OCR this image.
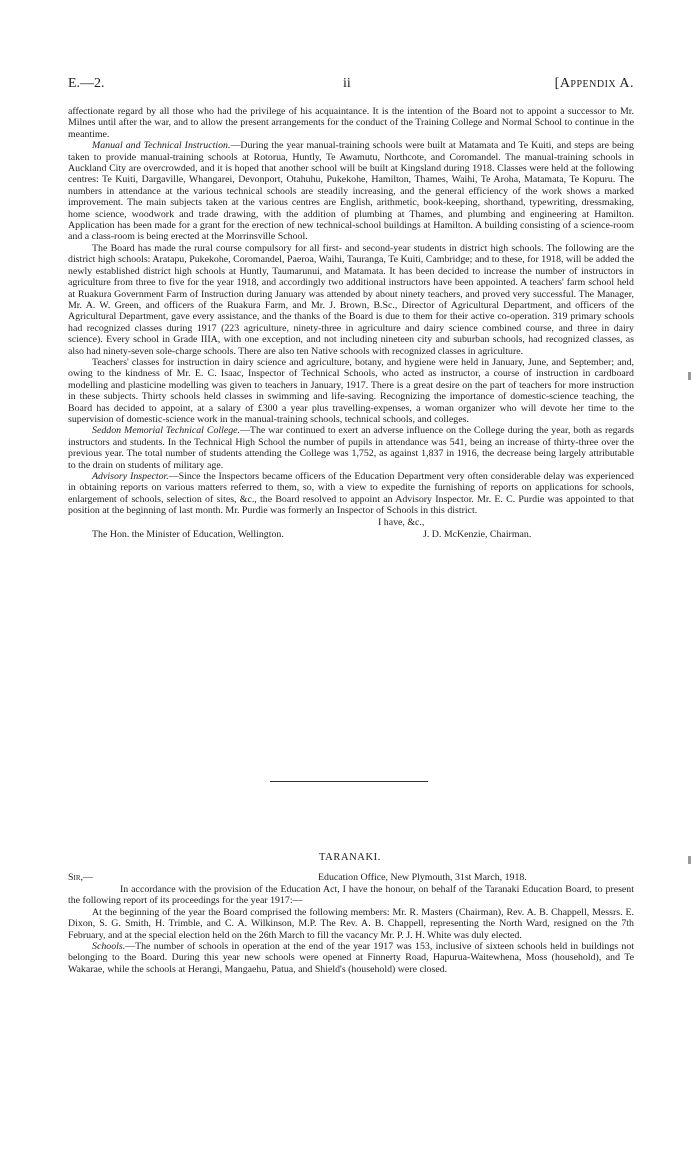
E.—2.	ii	[Appendix A.

affectionate regard by all those who had the privilege of his acquaintance. It is the intention of the Board not to appoint a successor to Mr. Milnes until after the war, and to allow the present arrangements for the conduct of the Training College and Normal School to continue in the meantime.

Manual and Technical Instruction.—During the year manual-training schools were built at Matamata and Te Kuiti, and steps are being taken to provide manual-training schools at Rotorua, Huntly, Te Awamutu, Northcote, and Coromandel. The manual-training schools in Auckland City are overcrowded, and it is hoped that another school will be built at Kingsland during 1918. Classes were held at the following centres: Te Kuiti, Dargaville, Whangarei, Devonport, Otahuhu, Pukekohe, Hamilton, Thames, Waihi, Te Aroha, Matamata, Te Kopuru. The numbers in attendance at the various technical schools are steadily increasing, and the general efficiency of the work shows a marked improvement. The main subjects taken at the various centres are English, arithmetic, book-keeping, shorthand, typewriting, dressmaking, home science, woodwork and trade drawing, with the addition of plumbing at Thames, and plumbing and engineering at Hamilton. Application has been made for a grant for the erection of new technical-school buildings at Hamilton. A building consisting of a science-room and a class-room is being erected at the Morrinsville School.

The Board has made the rural course compulsory for all first- and second-year students in district high schools. The following are the district high schools: Aratapu, Pukekohe, Coromandel, Paeroa, Waihi, Tauranga, Te Kuiti, Cambridge; and to these, for 1918, will be added the newly established district high schools at Huntly, Taumarunui, and Matamata. It has been decided to increase the number of instructors in agriculture from three to five for the year 1918, and accordingly two additional instructors have been appointed. A teachers' farm school held at Ruakura Government Farm of Instruction during January was attended by about ninety teachers, and proved very successful. The Manager, Mr. A. W. Green, and officers of the Ruakura Farm, and Mr. J. Brown, B.Sc., Director of Agricultural Department, and officers of the Agricultural Department, gave every assistance, and the thanks of the Board is due to them for their active co-operation. 319 primary schools had recognized classes during 1917 (223 agriculture, ninety-three in agriculture and dairy science combined course, and three in dairy science). Every school in Grade IIIA, with one exception, and not including nineteen city and suburban schools, had recognized classes, as also had ninety-seven sole-charge schools. There are also ten Native schools with recognized classes in agriculture.

Teachers' classes for instruction in dairy science and agriculture, botany, and hygiene were held in January, June, and September; and, owing to the kindness of Mr. E. C. Isaac, Inspector of Technical Schools, who acted as instructor, a course of instruction in cardboard modelling and plasticine modelling was given to teachers in January, 1917. There is a great desire on the part of teachers for more instruction in these subjects. Thirty schools held classes in swimming and life-saving. Recognizing the importance of domestic-science teaching, the Board has decided to appoint, at a salary of £300 a year plus travelling-expenses, a woman organizer who will devote her time to the supervision of domestic-science work in the manual-training schools, technical schools, and colleges.

Seddon Memorial Technical College.—The war continued to exert an adverse influence on the College during the year, both as regards instructors and students. In the Technical High School the number of pupils in attendance was 541, being an increase of thirty-three over the previous year. The total number of students attending the College was 1,752, as against 1,837 in 1916, the decrease being largely attributable to the drain on students of military age.

Advisory Inspector.—Since the Inspectors became officers of the Education Department very often considerable delay was experienced in obtaining reports on various matters referred to them, so, with a view to expedite the furnishing of reports on applications for schools, enlargement of schools, selection of sites, &c., the Board resolved to appoint an Advisory Inspector. Mr. E. C. Purdie was appointed to that position at the beginning of last month. Mr. Purdie was formerly an Inspector of Schools in this district.

I have, &c.,
The Hon. the Minister of Education, Wellington.	J. D. McKenzie, Chairman.
TARANAKI.
Sir,—	Education Office, New Plymouth, 31st March, 1918.

In accordance with the provision of the Education Act, I have the honour, on behalf of the Taranaki Education Board, to present the following report of its proceedings for the year 1917:—

At the beginning of the year the Board comprised the following members: Mr. R. Masters (Chairman), Rev. A. B. Chappell, Messrs. E. Dixon, S. G. Smith, H. Trimble, and C. A. Wilkinson, M.P. The Rev. A. B. Chappell, representing the North Ward, resigned on the 7th February, and at the special election held on the 26th March to fill the vacancy Mr. P. J. H. White was duly elected.

Schools.—The number of schools in operation at the end of the year 1917 was 153, inclusive of sixteen schools held in buildings not belonging to the Board. During this year new schools were opened at Finnerty Road, Hapurua-Waitewhena, Moss (household), and Te Wakarae, while the schools at Herangi, Mangaehu, Patua, and Shield's (household) were closed.
